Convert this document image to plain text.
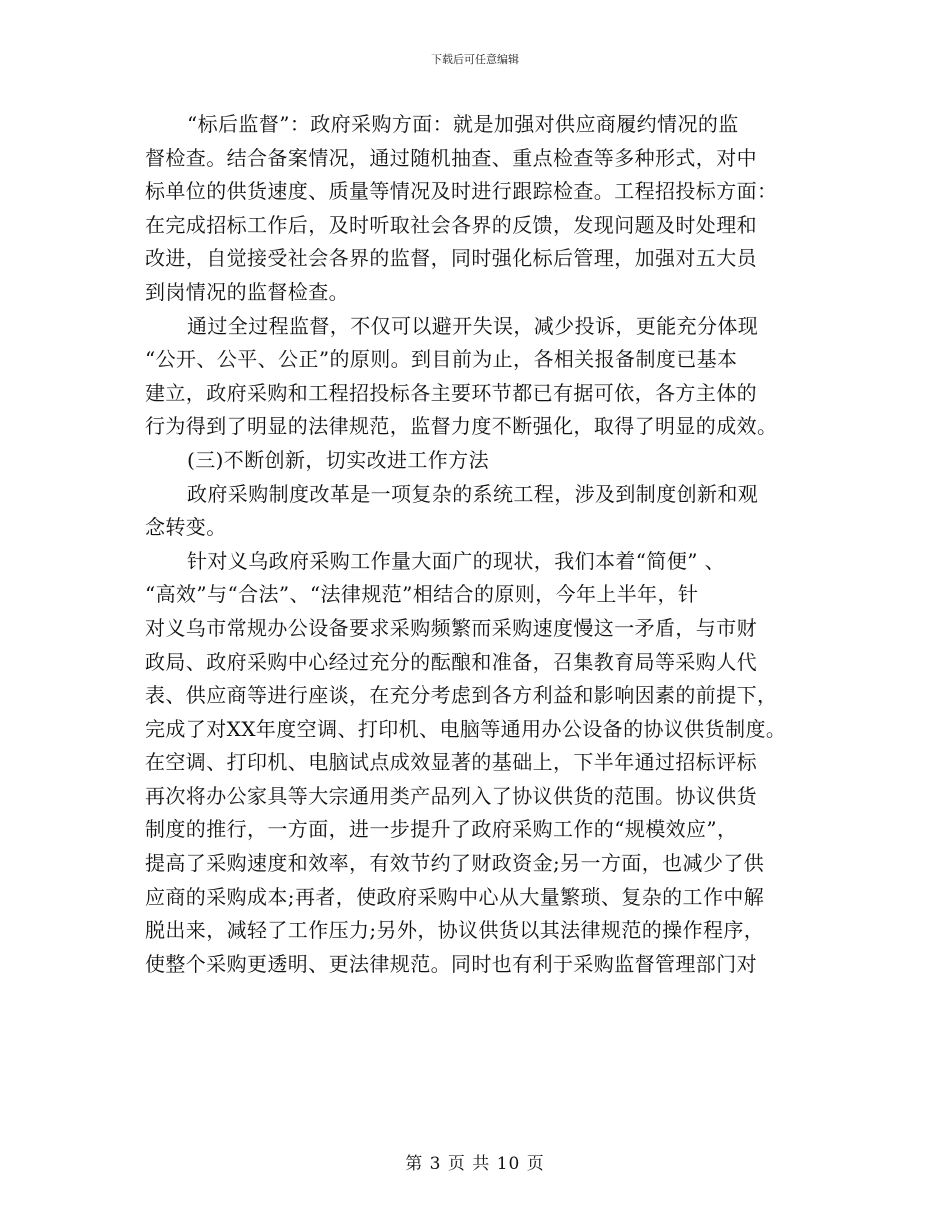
下载后可任意编辑
“标后监督”：政府采购方面：就是加强对供应商履约情况的监
督检查。结合备案情况，通过随机抽查、重点检查等多种形式，对中
标单位的供货速度、质量等情况及时进行跟踪检查。工程招投标方面：
在完成招标工作后，及时听取社会各界的反馈，发现问题及时处理和
改进，自觉接受社会各界的监督，同时强化标后管理，加强对五大员
到岗情况的监督检查。
通过全过程监督，不仅可以避开失误，减少投诉，更能充分体现
“公开、公平、公正”的原则。到目前为止，各相关报备制度已基本
建立，政府采购和工程招投标各主要环节都已有据可依，各方主体的
行为得到了明显的法律规范，监督力度不断强化，取得了明显的成效。
(三)不断创新，切实改进工作方法
政府采购制度改革是一项复杂的系统工程，涉及到制度创新和观
念转变。
针对义乌政府采购工作量大面广的现状，我们本着“简便” 、
“高效”与“合法”、“法律规范”相结合的原则，今年上半年，针
对义乌市常规办公设备要求采购频繁而采购速度慢这一矛盾，与市财
政局、政府采购中心经过充分的酝酿和准备，召集教育局等采购人代
表、供应商等进行座谈，在充分考虑到各方利益和影响因素的前提下，
完成了对XX年度空调、打印机、电脑等通用办公设备的协议供货制度。
在空调、打印机、电脑试点成效显著的基础上，下半年通过招标评标
再次将办公家具等大宗通用类产品列入了协议供货的范围。协议供货
制度的推行，一方面，进一步提升了政府采购工作的“规模效应”，
提高了采购速度和效率，有效节约了财政资金;另一方面，也减少了供
应商的采购成本;再者，使政府采购中心从大量繁琐、复杂的工作中解
脱出来，减轻了工作压力;另外，协议供货以其法律规范的操作程序，
使整个采购更透明、更法律规范。同时也有利于采购监督管理部门对
第 3 页 共 10 页
